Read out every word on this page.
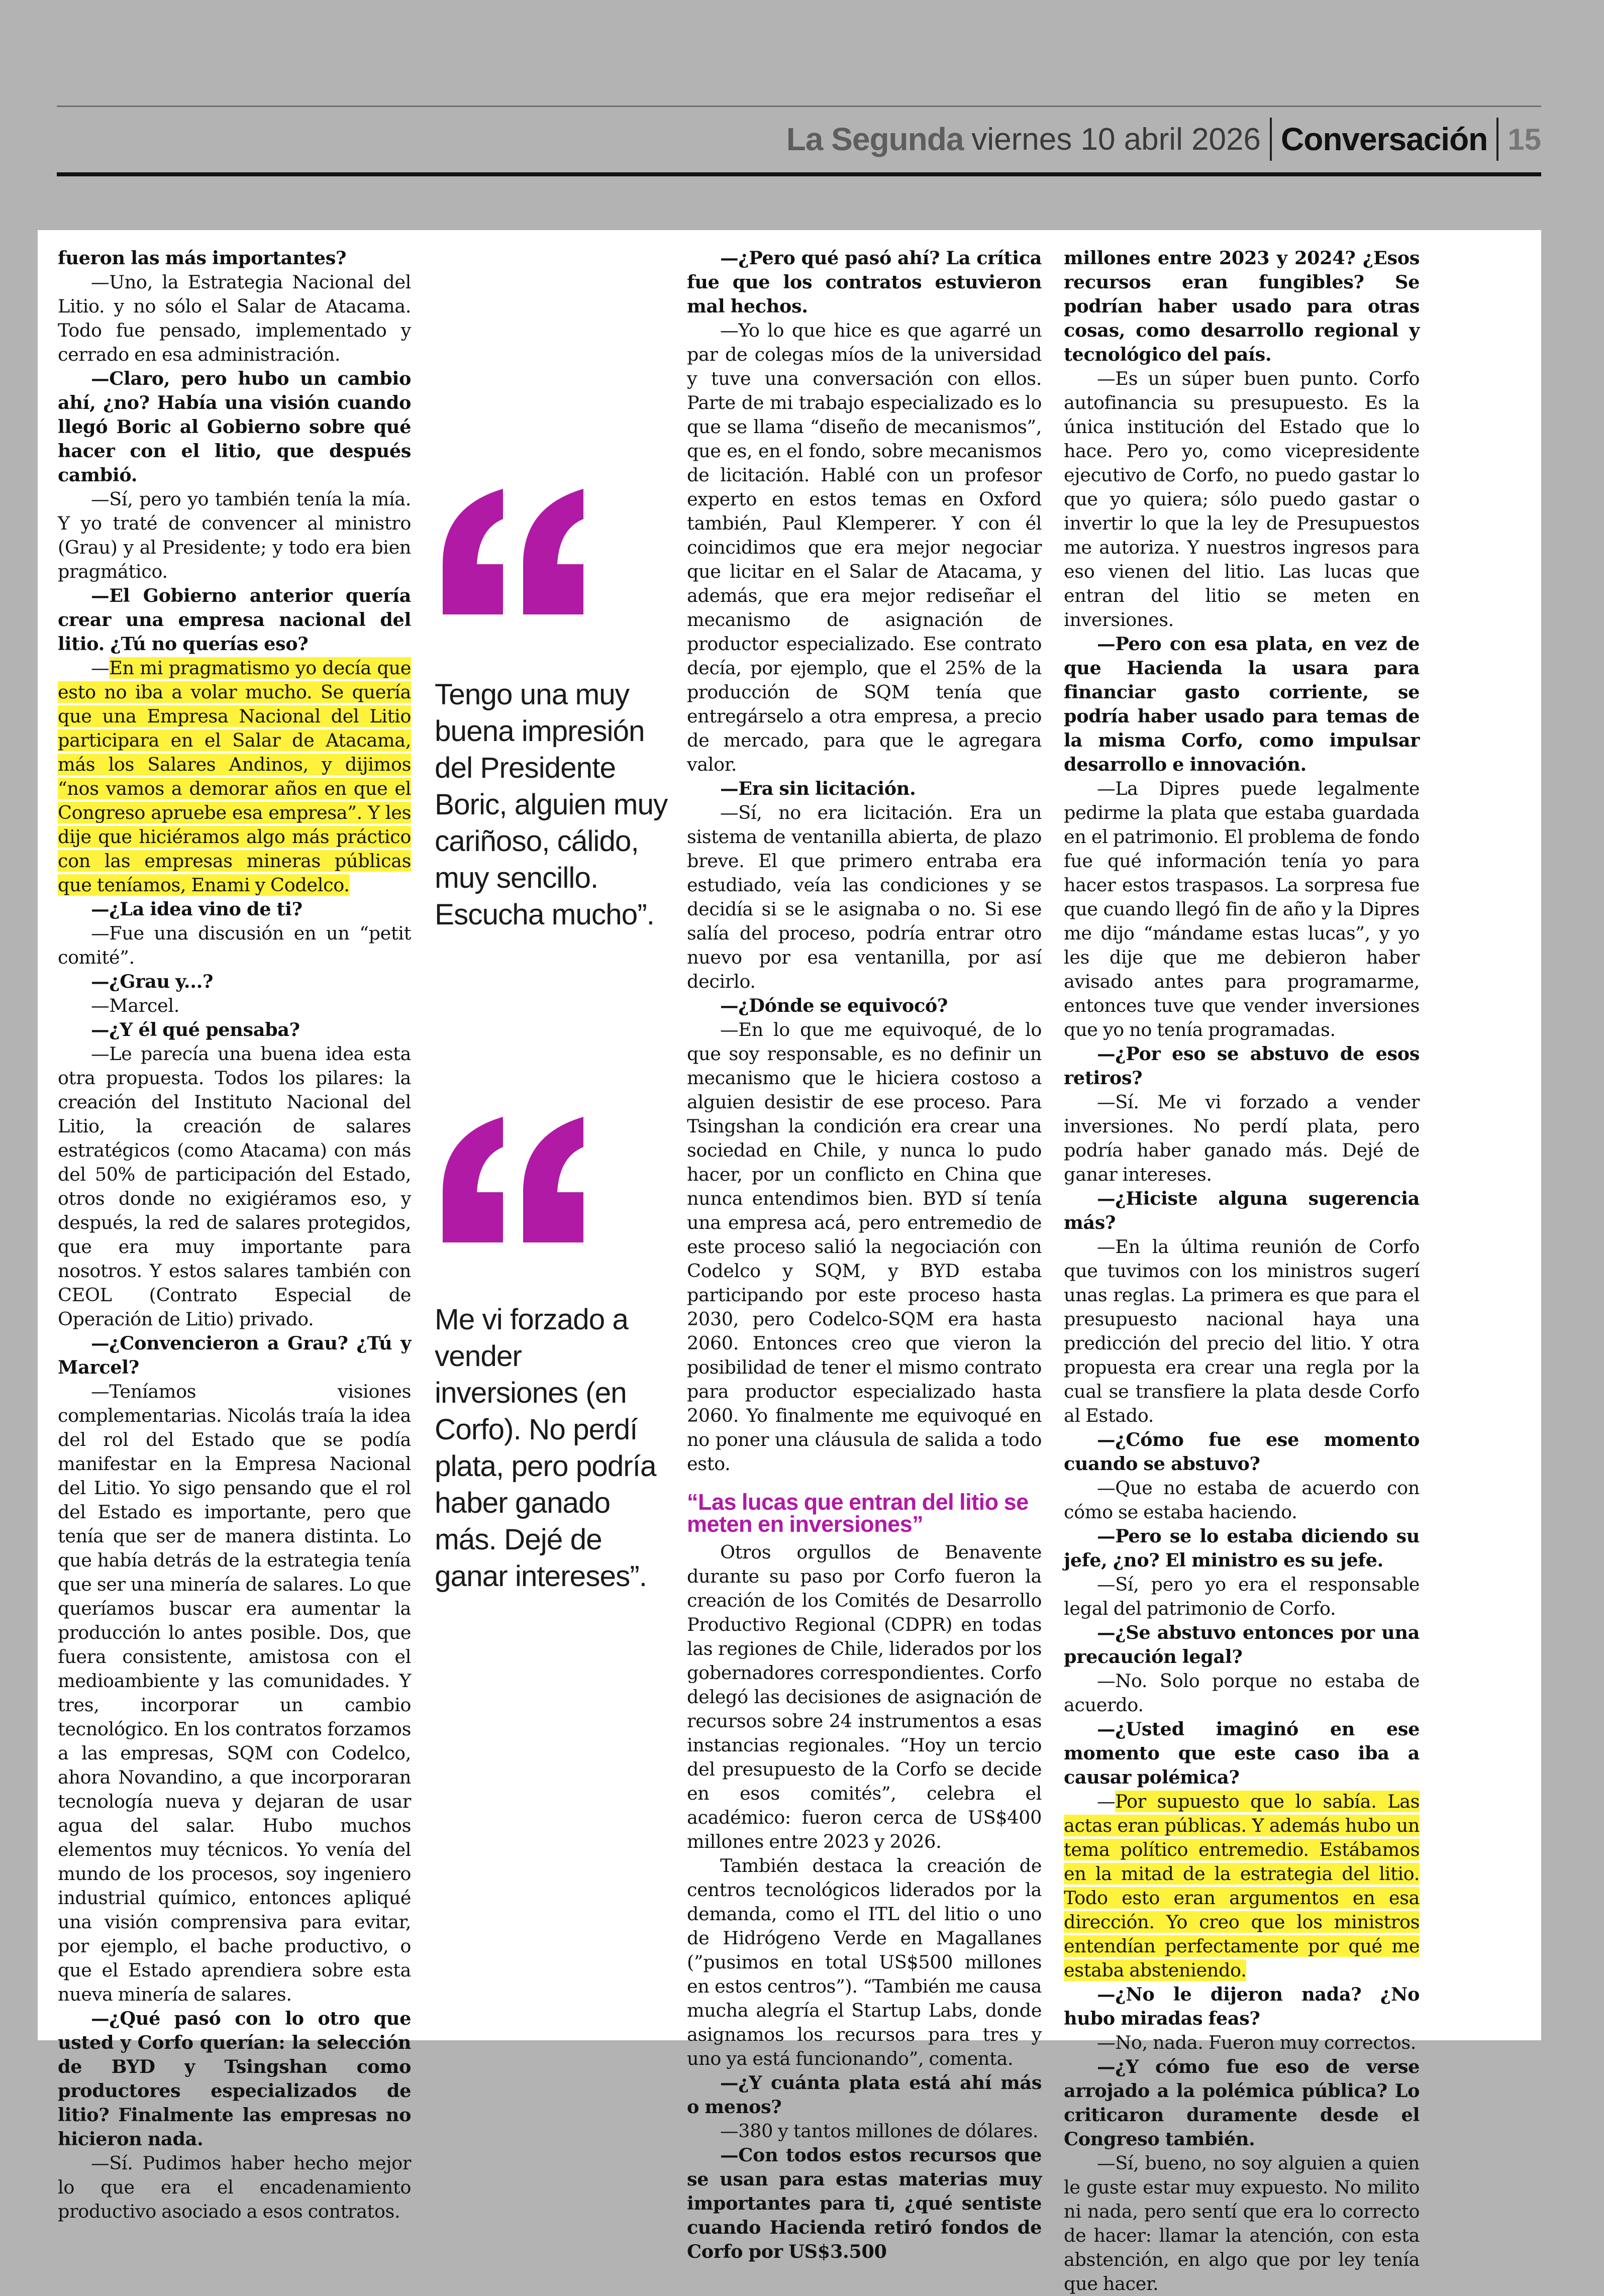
La Segunda viernes 10 abril 2026 Conversación 15

fueron las más importantes?

—Uno, la Estrategia Nacional del Litio. y no sólo el Salar de Atacama. Todo fue pensado, implementado y cerrado en esa administración.

—Claro, pero hubo un cambio ahí, ¿no? Había una visión cuando llegó Boric al Gobierno sobre qué hacer con el litio, que después cambió.

—Sí, pero yo también tenía la mía. Y yo traté de convencer al ministro (Grau) y al Presidente; y todo era bien pragmático.

—El Gobierno anterior quería crear una empresa nacional del litio. ¿Tú no querías eso?

—En mi pragmatismo yo decía que esto no iba a volar mucho. Se quería que una Empresa Nacional del Litio participara en el Salar de Atacama, más los Salares Andinos, y dijimos “nos vamos a demorar años en que el Congreso apruebe esa empresa”. Y les dije que hiciéramos algo más práctico con las empresas mineras públicas que teníamos, Enami y Codelco.

—¿La idea vino de ti?

—Fue una discusión en un “petit comité”.

—¿Grau y...?

—Marcel.

—¿Y él qué pensaba?

—Le parecía una buena idea esta otra propuesta. Todos los pilares: la creación del Instituto Nacional del Litio, la creación de salares estratégicos (como Atacama) con más del 50% de participación del Estado, otros donde no exigiéramos eso, y después, la red de salares protegidos, que era muy importante para nosotros. Y estos salares también con CEOL (Contrato Especial de Operación de Litio) privado.

—¿Convencieron a Grau? ¿Tú y Marcel?

—Teníamos visiones complementarias. Nicolás traía la idea del rol del Estado que se podía manifestar en la Empresa Nacional del Litio. Yo sigo pensando que el rol del Estado es importante, pero que tenía que ser de manera distinta. Lo que había detrás de la estrategia tenía que ser una minería de salares. Lo que queríamos buscar era aumentar la producción lo antes posible. Dos, que fuera consistente, amistosa con el medioambiente y las comunidades. Y tres, incorporar un cambio tecnológico. En los contratos forzamos a las empresas, SQM con Codelco, ahora Novandino, a que incorporaran tecnología nueva y dejaran de usar agua del salar. Hubo muchos elementos muy técnicos. Yo venía del mundo de los procesos, soy ingeniero industrial químico, entonces apliqué una visión comprensiva para evitar, por ejemplo, el bache productivo, o que el Estado aprendiera sobre esta nueva minería de salares.

—¿Qué pasó con lo otro que usted y Corfo querían: la selección de BYD y Tsingshan como productores especializados de litio? Finalmente las empresas no hicieron nada.

—Sí. Pudimos haber hecho mejor lo que era el encadenamiento productivo asociado a esos contratos.

Tengo una muy buena impresión del Presidente Boric, alguien muy cariñoso, cálido, muy sencillo. Escucha mucho”.
Me vi forzado a vender inversiones (en Corfo). No perdí plata, pero podría haber ganado más. Dejé de ganar intereses”.

—¿Pero qué pasó ahí? La crítica fue que los contratos estuvieron mal hechos.

—Yo lo que hice es que agarré un par de colegas míos de la universidad y tuve una conversación con ellos. Parte de mi trabajo especializado es lo que se llama “diseño de mecanismos”, que es, en el fondo, sobre mecanismos de licitación. Hablé con un profesor experto en estos temas en Oxford también, Paul Klemperer. Y con él coincidimos que era mejor negociar que licitar en el Salar de Atacama, y además, que era mejor rediseñar el mecanismo de asignación de productor especializado. Ese contrato decía, por ejemplo, que el 25% de la producción de SQM tenía que entregárselo a otra empresa, a precio de mercado, para que le agregara valor.

—Era sin licitación.

—Sí, no era licitación. Era un sistema de ventanilla abierta, de plazo breve. El que primero entraba era estudiado, veía las condiciones y se decidía si se le asignaba o no. Si ese salía del proceso, podría entrar otro nuevo por esa ventanilla, por así decirlo.

—¿Dónde se equivocó?

—En lo que me equivoqué, de lo que soy responsable, es no definir un mecanismo que le hiciera costoso a alguien desistir de ese proceso. Para Tsingshan la condición era crear una sociedad en Chile, y nunca lo pudo hacer, por un conflicto en China que nunca entendimos bien. BYD sí tenía una empresa acá, pero entremedio de este proceso salió la negociación con Codelco y SQM, y BYD estaba participando por este proceso hasta 2030, pero Codelco-SQM era hasta 2060. Entonces creo que vieron la posibilidad de tener el mismo contrato para productor especializado hasta 2060. Yo finalmente me equivoqué en no poner una cláusula de salida a todo esto.

“Las lucas que entran del litio se meten en inversiones”

Otros orgullos de Benavente durante su paso por Corfo fueron la creación de los Comités de Desarrollo Productivo Regional (CDPR) en todas las regiones de Chile, liderados por los gobernadores correspondientes. Corfo delegó las decisiones de asignación de recursos sobre 24 instrumentos a esas instancias regionales. “Hoy un tercio del presupuesto de la Corfo se decide en esos comités”, celebra el académico: fueron cerca de US$400 millones entre 2023 y 2026.

También destaca la creación de centros tecnológicos liderados por la demanda, como el ITL del litio o uno de Hidrógeno Verde en Magallanes (”pusimos en total US$500 millones en estos centros”). “También me causa mucha alegría el Startup Labs, donde asignamos los recursos para tres y uno ya está funcionando”, comenta.

—¿Y cuánta plata está ahí más o menos?

—380 y tantos millones de dólares.

—Con todos estos recursos que se usan para estas materias muy importantes para ti, ¿qué sentiste cuando Hacienda retiró fondos de Corfo por US$3.500

millones entre 2023 y 2024? ¿Esos recursos eran fungibles? Se podrían haber usado para otras cosas, como desarrollo regional y tecnológico del país.

—Es un súper buen punto. Corfo autofinancia su presupuesto. Es la única institución del Estado que lo hace. Pero yo, como vicepresidente ejecutivo de Corfo, no puedo gastar lo que yo quiera; sólo puedo gastar o invertir lo que la ley de Presupuestos me autoriza. Y nuestros ingresos para eso vienen del litio. Las lucas que entran del litio se meten en inversiones.

—Pero con esa plata, en vez de que Hacienda la usara para financiar gasto corriente, se podría haber usado para temas de la misma Corfo, como impulsar desarrollo e innovación.

—La Dipres puede legalmente pedirme la plata que estaba guardada en el patrimonio. El problema de fondo fue qué información tenía yo para hacer estos traspasos. La sorpresa fue que cuando llegó fin de año y la Dipres me dijo “mándame estas lucas”, y yo les dije que me debieron haber avisado antes para programarme, entonces tuve que vender inversiones que yo no tenía programadas.

—¿Por eso se abstuvo de esos retiros?

—Sí. Me vi forzado a vender inversiones. No perdí plata, pero podría haber ganado más. Dejé de ganar intereses.

—¿Hiciste alguna sugerencia más?

—En la última reunión de Corfo que tuvimos con los ministros sugerí unas reglas. La primera es que para el presupuesto nacional haya una predicción del precio del litio. Y otra propuesta era crear una regla por la cual se transfiere la plata desde Corfo al Estado.

—¿Cómo fue ese momento cuando se abstuvo?

—Que no estaba de acuerdo con cómo se estaba haciendo.

—Pero se lo estaba diciendo su jefe, ¿no? El ministro es su jefe.

—Sí, pero yo era el responsable legal del patrimonio de Corfo.

—¿Se abstuvo entonces por una precaución legal?

—No. Solo porque no estaba de acuerdo.

—¿Usted imaginó en ese momento que este caso iba a causar polémica?

—Por supuesto que lo sabía. Las actas eran públicas. Y además hubo un tema político entremedio. Estábamos en la mitad de la estrategia del litio. Todo esto eran argumentos en esa dirección. Yo creo que los ministros entendían perfectamente por qué me estaba absteniendo.

—¿No le dijeron nada? ¿No hubo miradas feas?

—No, nada. Fueron muy correctos.

—¿Y cómo fue eso de verse arrojado a la polémica pública? Lo criticaron duramente desde el Congreso también.

—Sí, bueno, no soy alguien a quien le guste estar muy expuesto. No milito ni nada, pero sentí que era lo correcto de hacer: llamar la atención, con esta abstención, en algo que por ley tenía que hacer.
